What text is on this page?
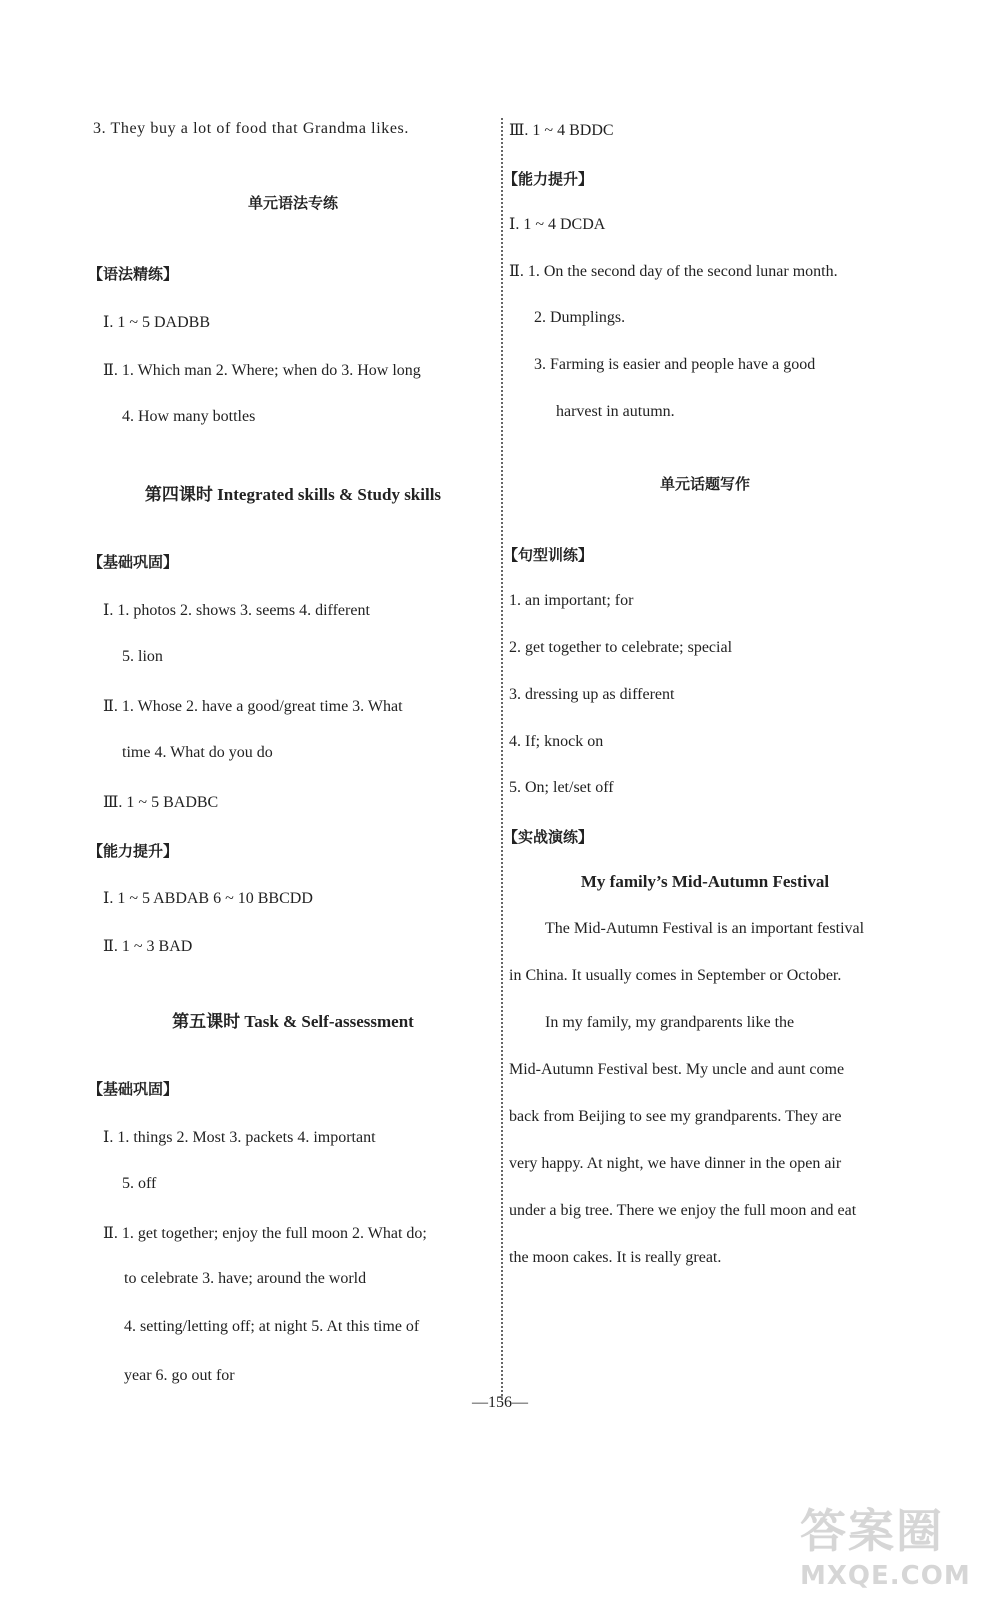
3. They buy a lot of food that Grandma likes.
单元语法专练
【语法精练】
Ⅰ. 1 ~ 5 DADBB
Ⅱ. 1. Which man 2. Where; when do 3. How long
4. How many bottles
第四课时 Integrated skills & Study skills
【基础巩固】
Ⅰ. 1. photos 2. shows 3. seems 4. different
5. lion
Ⅱ. 1. Whose 2. have a good/great time 3. What
time 4. What do you do
Ⅲ. 1 ~ 5 BADBC
【能力提升】
Ⅰ. 1 ~ 5 ABDAB 6 ~ 10 BBCDD
Ⅱ. 1 ~ 3 BAD
第五课时 Task & Self-assessment
【基础巩固】
Ⅰ. 1. things 2. Most 3. packets 4. important
5. off
Ⅱ. 1. get together; enjoy the full moon 2. What do;
to celebrate 3. have; around the world
4. setting/letting off; at night 5. At this time of
year 6. go out for
Ⅲ. 1 ~ 4 BDDC
【能力提升】
Ⅰ. 1 ~ 4 DCDA
Ⅱ. 1. On the second day of the second lunar month.
2. Dumplings.
3. Farming is easier and people have a good
harvest in autumn.
单元话题写作
【句型训练】
1. an important; for
2. get together to celebrate; special
3. dressing up as different
4. If; knock on
5. On; let/set off
【实战演练】
My family’s Mid-Autumn Festival
The Mid-Autumn Festival is an important festival
in China. It usually comes in September or October.
In my family, my grandparents like the
Mid-Autumn Festival best. My uncle and aunt come
back from Beijing to see my grandparents. They are
very happy. At night, we have dinner in the open air
under a big tree. There we enjoy the full moon and eat
the moon cakes. It is really great.
—156—
答案圈
MXQE.COM
